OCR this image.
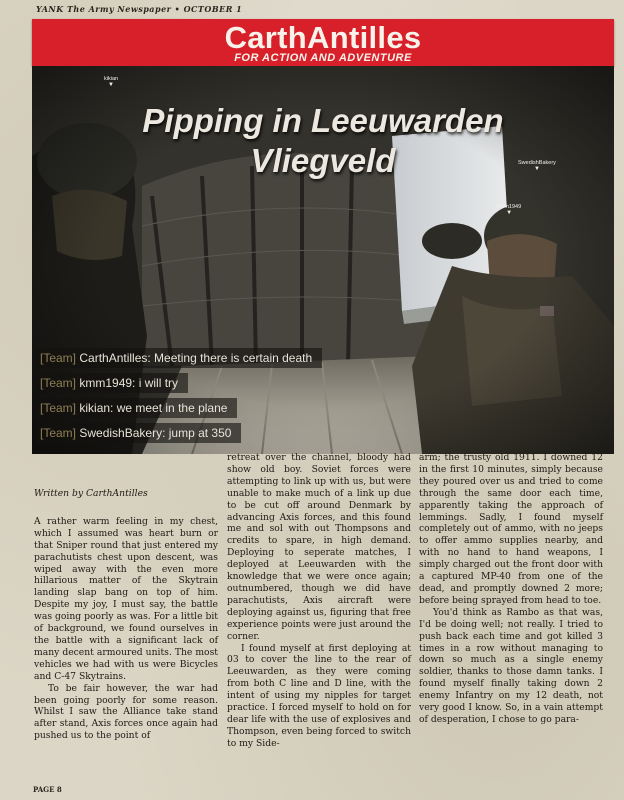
YANK The Army Newspaper • OCTOBER 1
CarthAntilles
FOR ACTION AND ADVENTURE
Pipping in Leeuwarden
Vliegveld
kikian
▼
SwedishBakery
▼
kmm1949
▼
[Team] CarthAntilles: Meeting there is certain death
[Team] kmm1949: i will try
[Team] kikian: we meet in the plane
[Team] SwedishBakery: jump at 350

Written by CarthAntilles

A rather warm feeling in my chest, which I assumed was heart burn or that Sniper round that just entered my parachutists chest upon descent, was wiped away with the even more hillarious matter of the Skytrain landing slap bang on top of him. Despite my joy, I must say, the battle was going poorly as was. For a little bit of background, we found ourselves in the battle with a significant lack of many decent armoured units. The most vehicles we had with us were Bicycles and C-47 Skytrains.

To be fair however, the war had been going poorly for some reason. Whilst I saw the Alliance take stand after stand, Axis forces once again had pushed us to the point of

retreat over the channel, bloody had show old boy. Soviet forces were attempting to link up with us, but were unable to make much of a link up due to be cut off around Denmark by advancing Axis forces, and this found me and sol with out Thompsons and credits to spare, in high demand. Deploying to seperate matches, I deployed at Leeuwarden with the knowledge that we were once again; outnumbered, though we did have parachutists, Axis aircraft were deploying against us, figuring that free experience points were just around the corner.

I found myself at first deploying at 03 to cover the line to the rear of Leeuwarden, as they were coming from both C line and D line, with the intent of using my nipples for target practice. I forced myself to hold on for dear life with the use of explosives and Thompson, even being forced to switch to my Side-

arm; the trusty old 1911. I downed 12 in the first 10 minutes, simply because they poured over us and tried to come through the same door each time, apparently taking the approach of lemmings. Sadly, I found myself completely out of ammo, with no jeeps to offer ammo supplies nearby, and with no hand to hand weapons, I simply charged out the front door with a captured MP-40 from one of the dead, and promptly downed 2 more; before being sprayed from head to toe.

You'd think as Rambo as that was, I'd be doing well; not really. I tried to push back each time and got killed 3 times in a row without managing to down so much as a single enemy soldier, thanks to those damn tanks. I found myself finally taking down 2 enemy Infantry on my 12 death, not very good I know. So, in a vain attempt of desperation, I chose to go para-

PAGE 8
